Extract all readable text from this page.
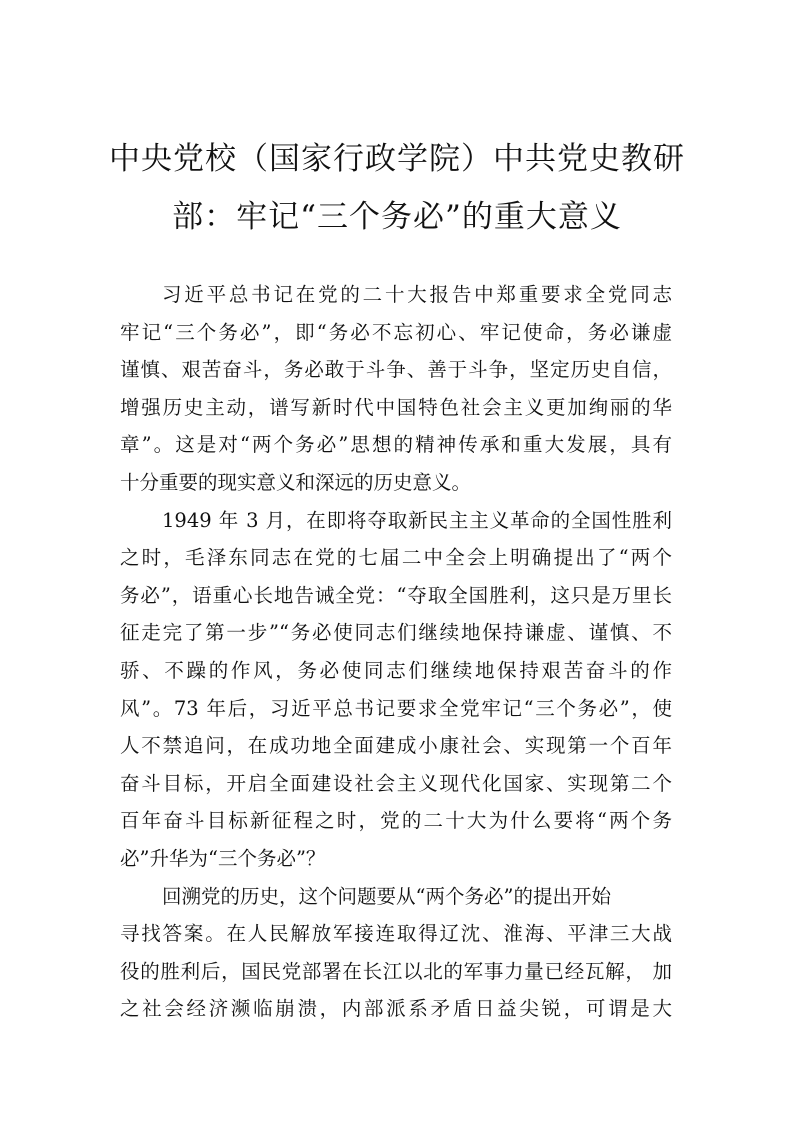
中央党校（国家行政学院）中共党史教研
部：牢记“三个务必”的重大意义
习近平总书记在党的二十大报告中郑重要求全党同志
牢记“三个务必”，即“务必不忘初心、牢记使命，务必谦虚
谨慎、艰苦奋斗，务必敢于斗争、善于斗争，坚定历史自信，
增强历史主动，谱写新时代中国特色社会主义更加绚丽的华
章”。这是对“两个务必”思想的精神传承和重大发展，具有
十分重要的现实意义和深远的历史意义。
1949 年 3 月，在即将夺取新民主主义革命的全国性胜利
之时，毛泽东同志在党的七届二中全会上明确提出了“两个
务必”，语重心长地告诫全党：“夺取全国胜利，这只是万里长
征走完了第一步”“务必使同志们继续地保持谦虚、谨慎、不
骄、不躁的作风，务必使同志们继续地保持艰苦奋斗的作
风”。73 年后，习近平总书记要求全党牢记“三个务必”，使
人不禁追问，在成功地全面建成小康社会、实现第一个百年
奋斗目标，开启全面建设社会主义现代化国家、实现第二个
百年奋斗目标新征程之时，党的二十大为什么要将“两个务
必”升华为“三个务必”？
回溯党的历史，这个问题要从“两个务必”的提出开始
寻找答案。在人民解放军接连取得辽沈、淮海、平津三大战
役的胜利后，国民党部署在长江以北的军事力量已经瓦解， 加
之社会经济濒临崩溃，内部派系矛盾日益尖锐，可谓是大
